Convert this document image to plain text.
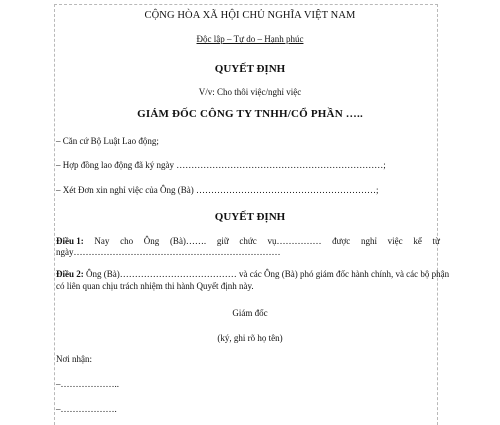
CỘNG HÒA XÃ HỘI CHỦ NGHĨA VIỆT NAM
Độc lập – Tự do – Hạnh phúc
QUYẾT ĐỊNH
V/v: Cho thôi việc/nghỉ việc
GIÁM ĐỐC CÔNG TY TNHH/CỔ PHẦN …..
– Căn cứ Bộ Luật Lao động;
– Hợp đồng lao động đã ký ngày ……………………………………………………………;
– Xét Đơn xin nghỉ việc của Ông (Bà) ……………………………………………………;
QUYẾT ĐỊNH
Điều 1: Nay cho Ông (Bà)……. giữ chức vụ…………… được nghỉ việc kể từ
ngày……………………………………………………………
Điều 2: Ông (Bà)………………………………… và các Ông (Bà) phó giám đốc hành chính, và các bộ phận
có liên quan chịu trách nhiệm thi hành Quyết định này.
Giám đốc
(ký, ghi rõ họ tên)
Nơi nhận:
–………………..
–……………….
